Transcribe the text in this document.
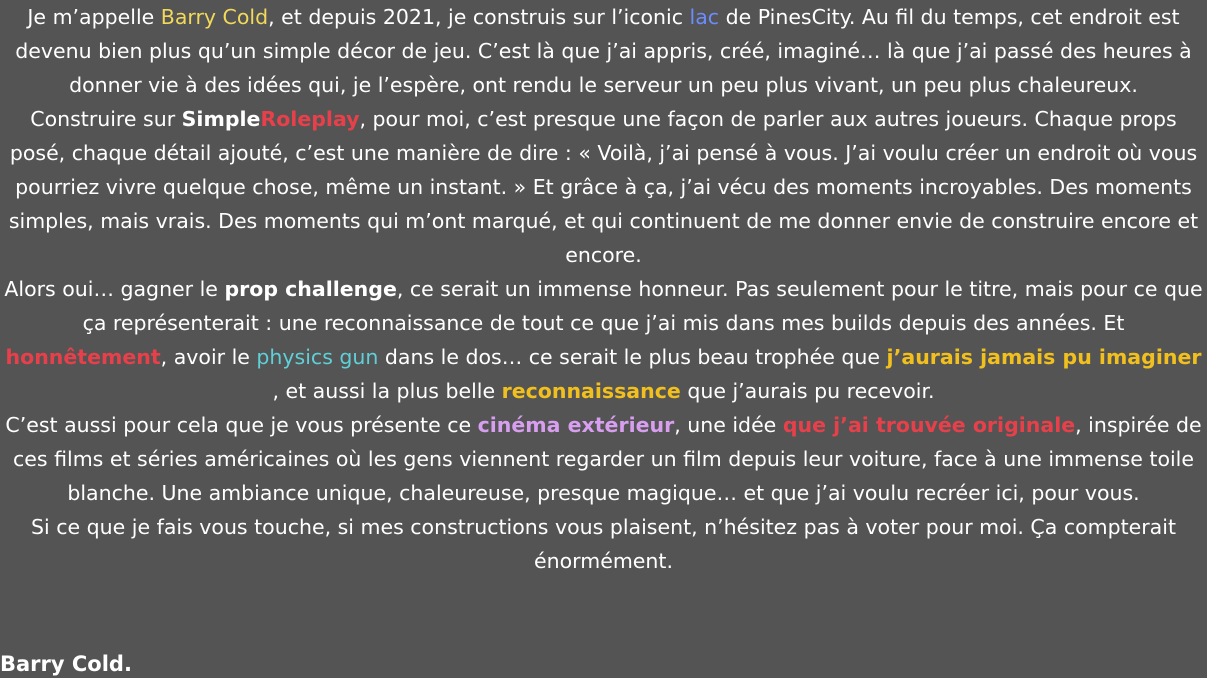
Je m’appelle Barry Cold, et depuis 2021, je construis sur l’iconic lac de PinesCity. Au fil du temps, cet endroit est devenu bien plus qu’un simple décor de jeu. C’est là que j’ai appris, créé, imaginé… là que j’ai passé des heures à donner vie à des idées qui, je l’espère, ont rendu le serveur un peu plus vivant, un peu plus chaleureux.

Construire sur SimpleRoleplay, pour moi, c’est presque une façon de parler aux autres joueurs. Chaque props posé, chaque détail ajouté, c’est une manière de dire : « Voilà, j’ai pensé à vous. J’ai voulu créer un endroit où vous pourriez vivre quelque chose, même un instant. » Et grâce à ça, j’ai vécu des moments incroyables. Des moments simples, mais vrais. Des moments qui m’ont marqué, et qui continuent de me donner envie de construire encore et encore.

Alors oui… gagner le prop challenge, ce serait un immense honneur. Pas seulement pour le titre, mais pour ce que ça représenterait : une reconnaissance de tout ce que j’ai mis dans mes builds depuis des années. Et honnêtement, avoir le physics gun dans le dos… ce serait le plus beau trophée que j’aurais jamais pu imaginer , et aussi la plus belle reconnaissance que j’aurais pu recevoir.

C’est aussi pour cela que je vous présente ce cinéma extérieur, une idée que j’ai trouvée originale, inspirée de ces films et séries américaines où les gens viennent regarder un film depuis leur voiture, face à une immense toile blanche. Une ambiance unique, chaleureuse, presque magique… et que j’ai voulu recréer ici, pour vous.

Si ce que je fais vous touche, si mes constructions vous plaisent, n’hésitez pas à voter pour moi. Ça compterait énormément.

Barry Cold.
